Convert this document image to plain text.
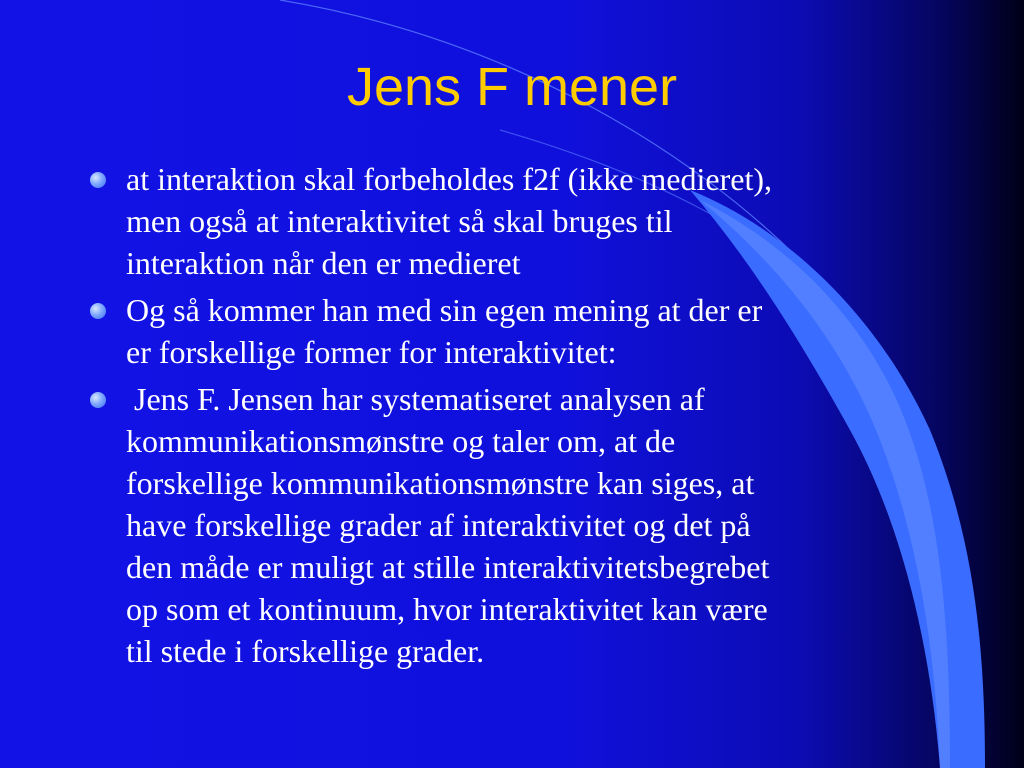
Jens F mener
at interaktion skal forbeholdes f2f (ikke medieret),
men også at interaktivitet så skal bruges til
interaktion når den er medieret
Og så kommer han med sin egen mening at der er
er forskellige former for interaktivitet:
Jens F. Jensen har systematiseret analysen af
kommunikationsmønstre og taler om, at de
forskellige kommunikationsmønstre kan siges, at
have forskellige grader af interaktivitet og det på
den måde er muligt at stille interaktivitetsbegrebet
op som et kontinuum, hvor interaktivitet kan være
til stede i forskellige grader.
